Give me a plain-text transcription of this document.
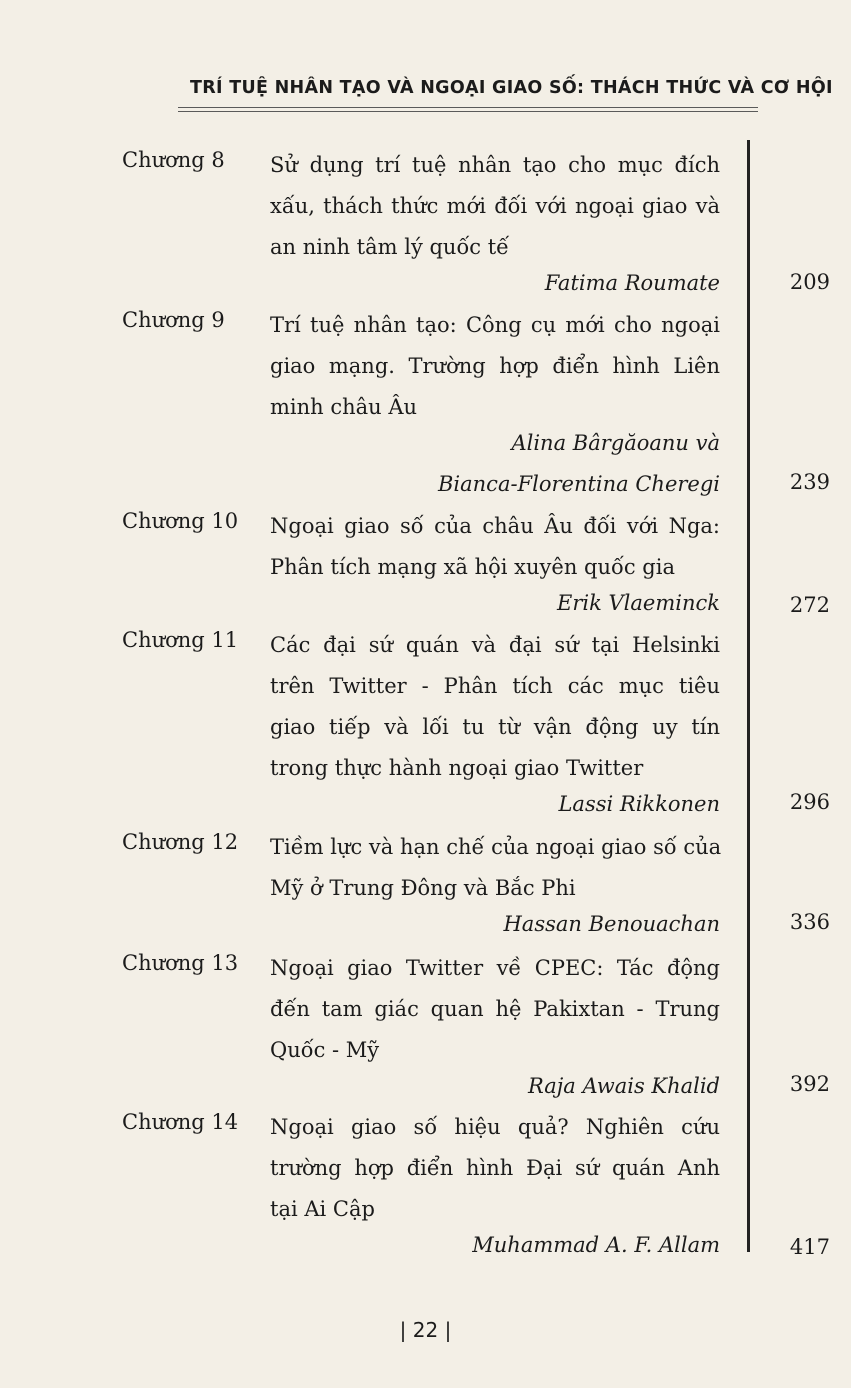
TRÍ TUỆ NHÂN TẠO VÀ NGOẠI GIAO SỐ: THÁCH THỨC VÀ CƠ HỘI
Chương 8 Sử dụng trí tuệ nhân tạo cho mục đích
xấu, thách thức mới đối với ngoại giao và
an ninh tâm lý quốc tế
Fatima Roumate	209
Chương 9 Trí tuệ nhân tạo: Công cụ mới cho ngoại
giao mạng. Trường hợp điển hình Liên
minh châu Âu
Alina Bârgăoanu và
Bianca-Florentina Cheregi	239
Chương 10 Ngoại giao số của châu Âu đối với Nga:
Phân tích mạng xã hội xuyên quốc gia
Erik Vlaeminck	272
Chương 11 Các đại sứ quán và đại sứ tại Helsinki
trên Twitter - Phân tích các mục tiêu
giao tiếp và lối tu từ vận động uy tín
trong thực hành ngoại giao Twitter
Lassi Rikkonen	296
Chương 12 Tiềm lực và hạn chế của ngoại giao số của
Mỹ ở Trung Đông và Bắc Phi
Hassan Benouachan	336
Chương 13 Ngoại giao Twitter về CPEC: Tác động
đến tam giác quan hệ Pakixtan - Trung
Quốc - Mỹ
Raja Awais Khalid	392
Chương 14 Ngoại giao số hiệu quả? Nghiên cứu
trường hợp điển hình Đại sứ quán Anh
tại Ai Cập
Muhammad A. F. Allam	417
| 22 |
